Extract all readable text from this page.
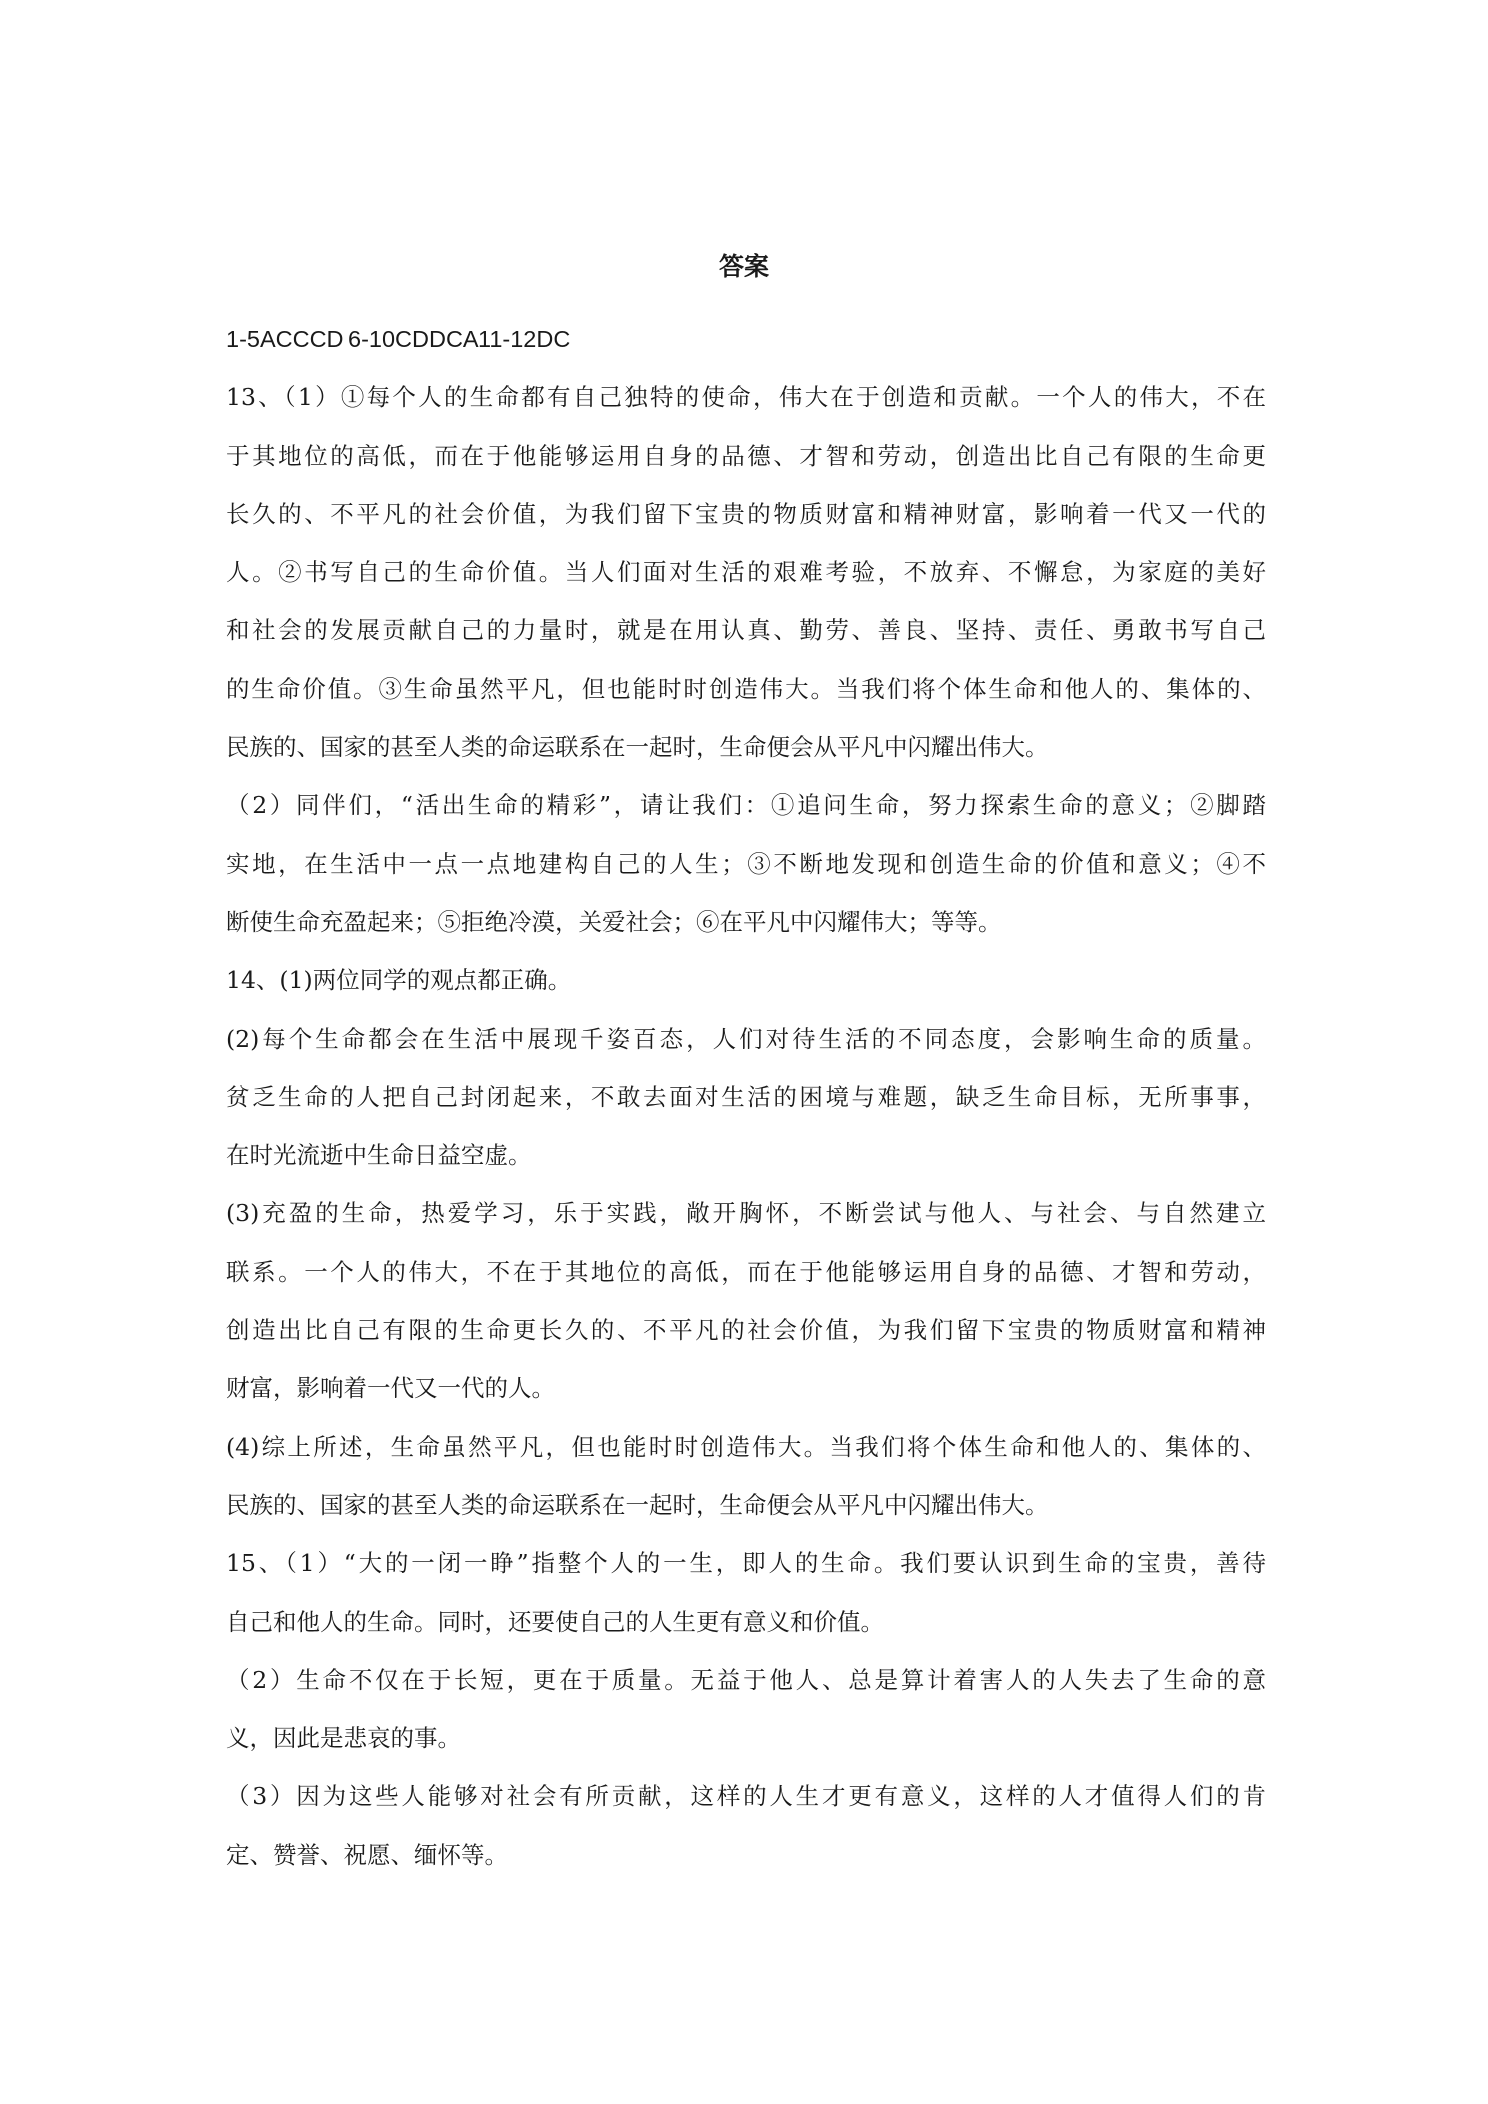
答案
1-5ACCCD 6-10CDDCA11-12DC
13、（1）①每个人的生命都有自己独特的使命，伟大在于创造和贡献。一个人的伟大，不在
于其地位的高低，而在于他能够运用自身的品德、才智和劳动，创造出比自己有限的生命更
长久的、不平凡的社会价值，为我们留下宝贵的物质财富和精神财富，影响着一代又一代的
人。②书写自己的生命价值。当人们面对生活的艰难考验，不放弃、不懈怠，为家庭的美好
和社会的发展贡献自己的力量时，就是在用认真、勤劳、善良、坚持、责任、勇敢书写自己
的生命价值。③生命虽然平凡，但也能时时创造伟大。当我们将个体生命和他人的、集体的、
民族的、国家的甚至人类的命运联系在一起时，生命便会从平凡中闪耀出伟大。
（2）同伴们，“活出生命的精彩”，请让我们：①追问生命，努力探索生命的意义；②脚踏
实地，在生活中一点一点地建构自己的人生；③不断地发现和创造生命的价值和意义；④不
断使生命充盈起来；⑤拒绝冷漠，关爱社会；⑥在平凡中闪耀伟大；等等。
14、(1)两位同学的观点都正确。
(2)每个生命都会在生活中展现千姿百态，人们对待生活的不同态度，会影响生命的质量。
贫乏生命的人把自己封闭起来，不敢去面对生活的困境与难题，缺乏生命目标，无所事事，
在时光流逝中生命日益空虚。
(3)充盈的生命，热爱学习，乐于实践，敞开胸怀，不断尝试与他人、与社会、与自然建立
联系。一个人的伟大，不在于其地位的高低，而在于他能够运用自身的品德、才智和劳动，
创造出比自己有限的生命更长久的、不平凡的社会价值，为我们留下宝贵的物质财富和精神
财富，影响着一代又一代的人。
(4)综上所述，生命虽然平凡，但也能时时创造伟大。当我们将个体生命和他人的、集体的、
民族的、国家的甚至人类的命运联系在一起时，生命便会从平凡中闪耀出伟大。
15、（1）“大的一闭一睁”指整个人的一生，即人的生命。我们要认识到生命的宝贵，善待
自己和他人的生命。同时，还要使自己的人生更有意义和价值。
（2）生命不仅在于长短，更在于质量。无益于他人、总是算计着害人的人失去了生命的意
义，因此是悲哀的事。
（3）因为这些人能够对社会有所贡献，这样的人生才更有意义，这样的人才值得人们的肯
定、赞誉、祝愿、缅怀等。
